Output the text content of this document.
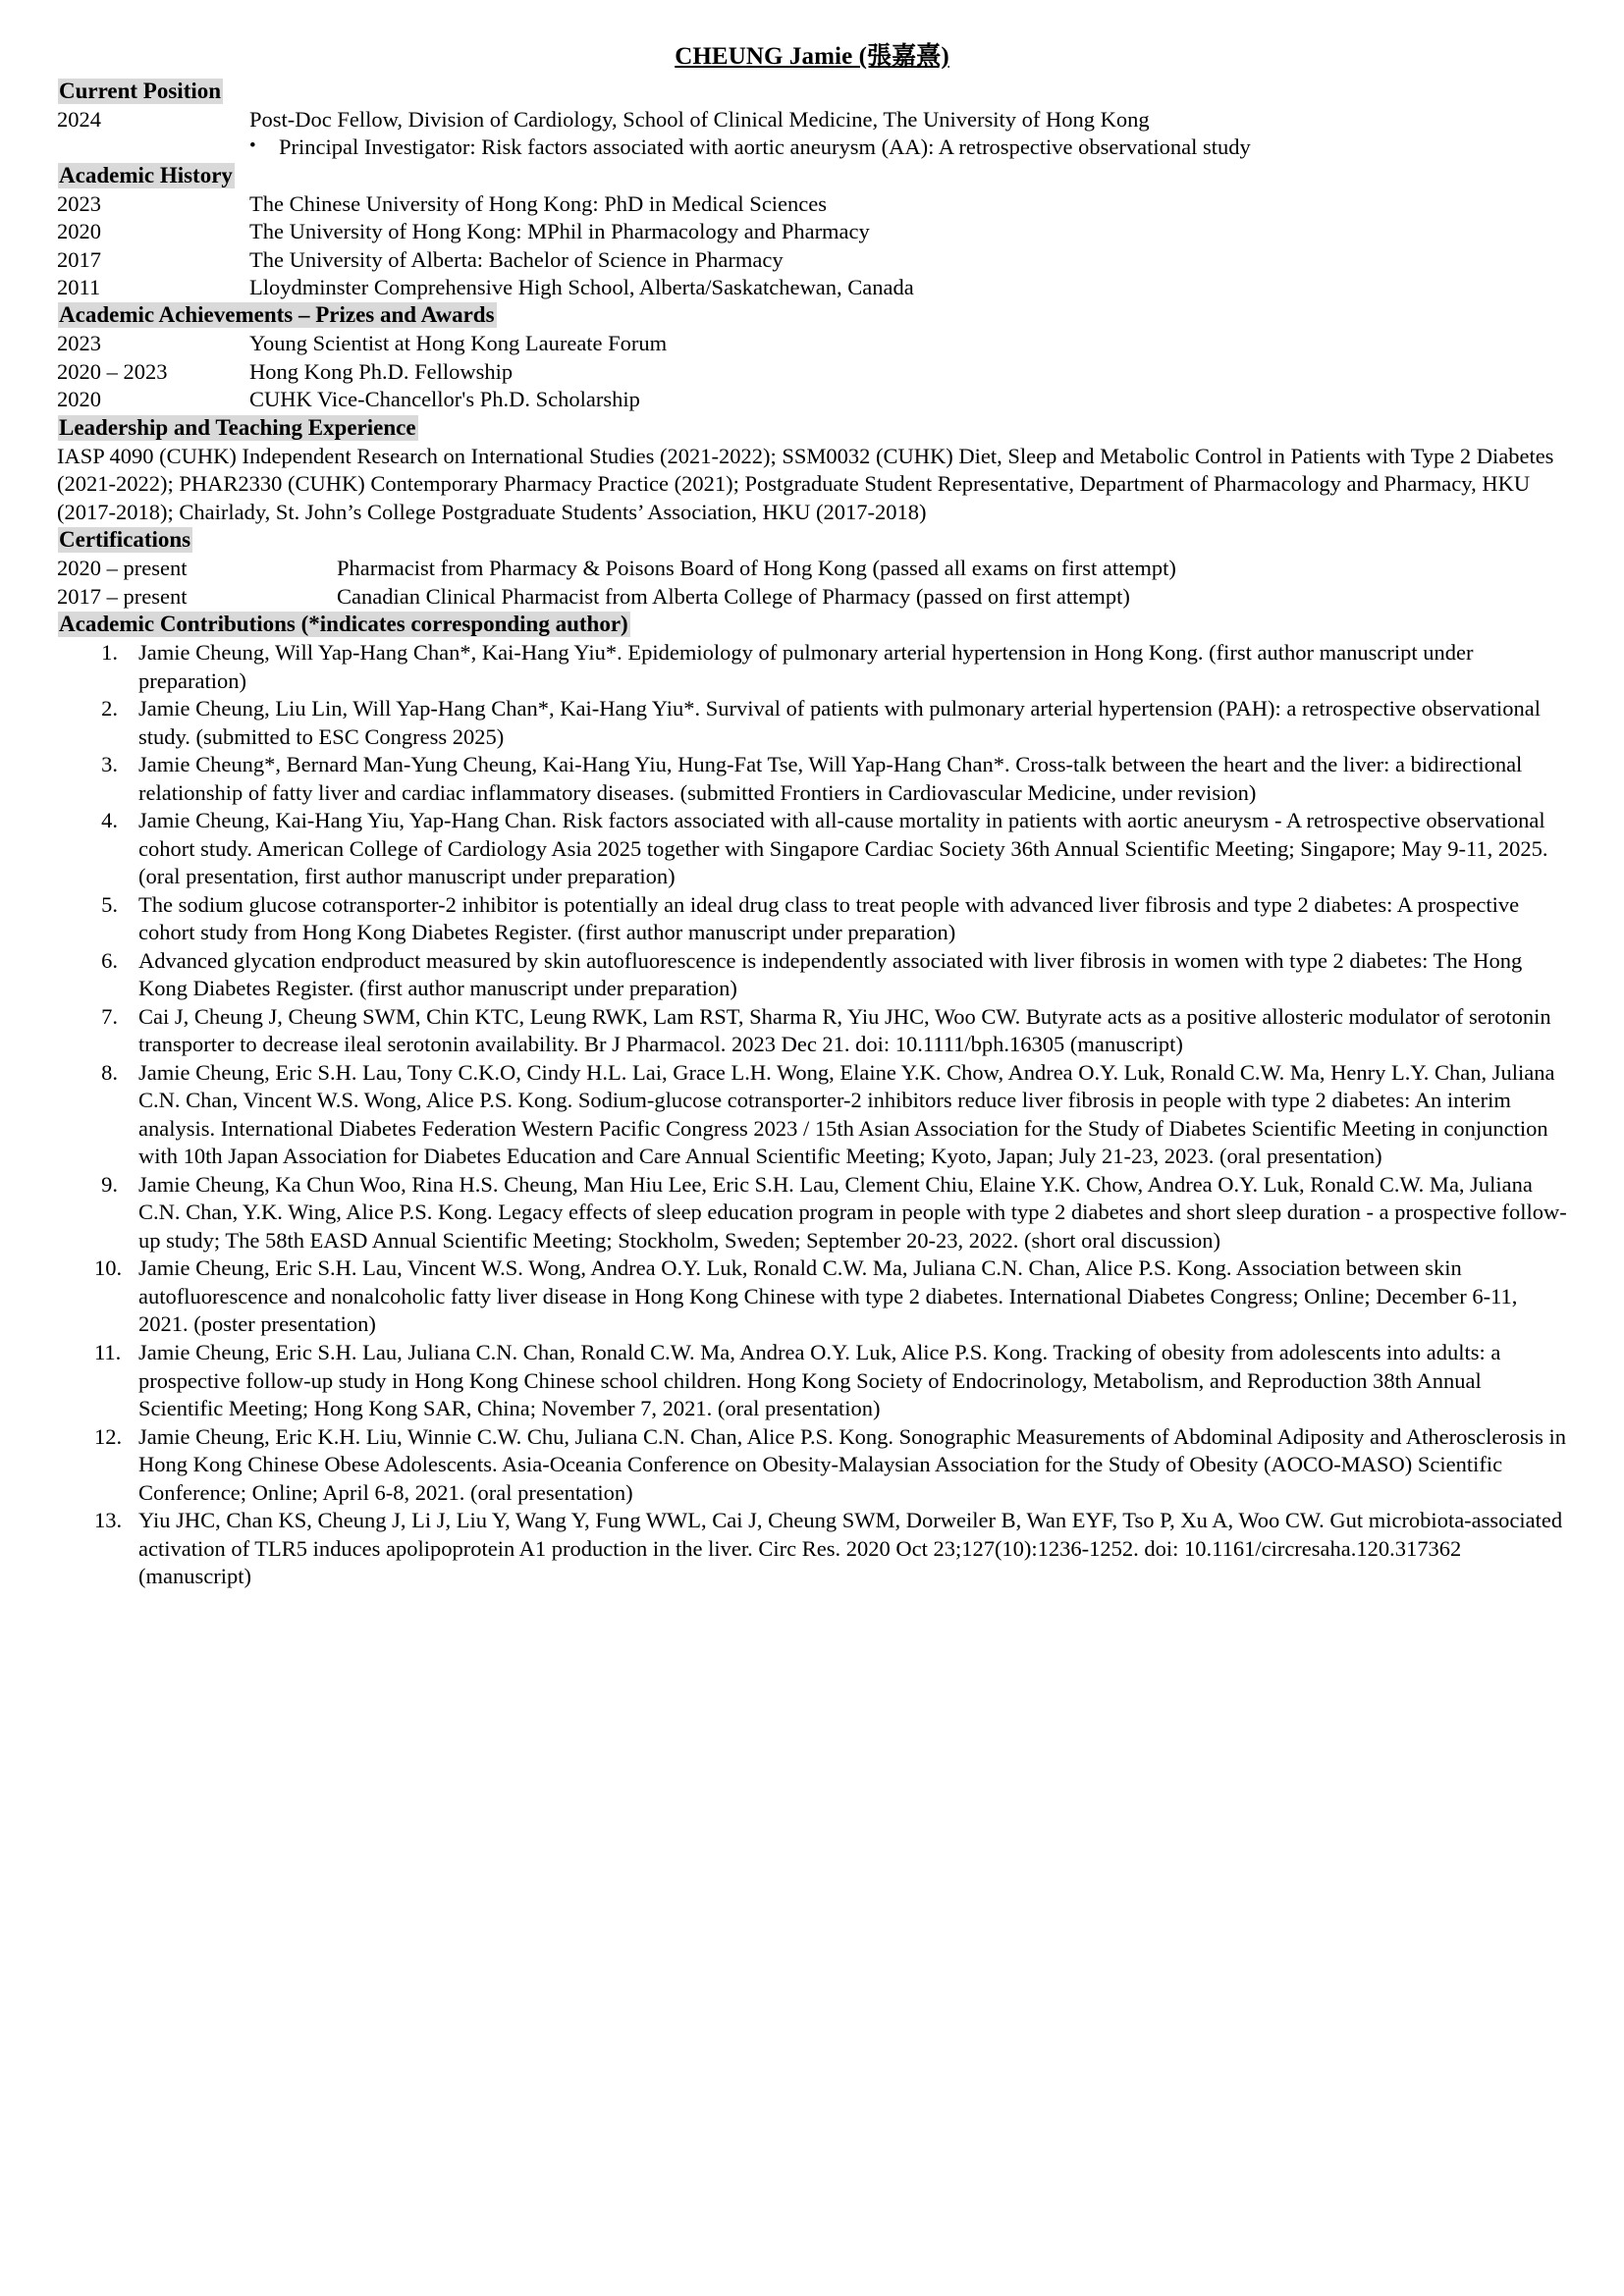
CHEUNG Jamie (張嘉熹)
Current Position
2024	Post-Doc Fellow, Division of Cardiology, School of Clinical Medicine, The University of Hong Kong
•	Principal Investigator: Risk factors associated with aortic aneurysm (AA): A retrospective observational study
Academic History
2023	The Chinese University of Hong Kong: PhD in Medical Sciences
2020	The University of Hong Kong: MPhil in Pharmacology and Pharmacy
2017	The University of Alberta: Bachelor of Science in Pharmacy
2011	Lloydminster Comprehensive High School, Alberta/Saskatchewan, Canada
Academic Achievements – Prizes and Awards
2023	Young Scientist at Hong Kong Laureate Forum
2020 – 2023	Hong Kong Ph.D. Fellowship
2020	CUHK Vice-Chancellor's Ph.D. Scholarship
Leadership and Teaching Experience

IASP 4090 (CUHK) Independent Research on International Studies (2021-2022); SSM0032 (CUHK) Diet, Sleep and Metabolic Control in Patients with Type 2 Diabetes (2021-2022); PHAR2330 (CUHK) Contemporary Pharmacy Practice (2021); Postgraduate Student Representative, Department of Pharmacology and Pharmacy, HKU (2017-2018); Chairlady, St. John’s College Postgraduate Students’ Association, HKU (2017-2018)

Certifications
2020 – present	Pharmacist from Pharmacy & Poisons Board of Hong Kong (passed all exams on first attempt)
2017 – present	Canadian Clinical Pharmacist from Alberta College of Pharmacy (passed on first attempt)
Academic Contributions (*indicates corresponding author)
1. Jamie Cheung, Will Yap-Hang Chan*, Kai-Hang Yiu*. Epidemiology of pulmonary arterial hypertension in Hong Kong. (first author manuscript under preparation)
2. Jamie Cheung, Liu Lin, Will Yap-Hang Chan*, Kai-Hang Yiu*. Survival of patients with pulmonary arterial hypertension (PAH): a retrospective observational study. (submitted to ESC Congress 2025)
3. Jamie Cheung*, Bernard Man-Yung Cheung, Kai-Hang Yiu, Hung-Fat Tse, Will Yap-Hang Chan*. Cross-talk between the heart and the liver: a bidirectional relationship of fatty liver and cardiac inflammatory diseases. (submitted Frontiers in Cardiovascular Medicine, under revision)
4. Jamie Cheung, Kai-Hang Yiu, Yap-Hang Chan. Risk factors associated with all-cause mortality in patients with aortic aneurysm - A retrospective observational cohort study. American College of Cardiology Asia 2025 together with Singapore Cardiac Society 36th Annual Scientific Meeting; Singapore; May 9-11, 2025. (oral presentation, first author manuscript under preparation)
5. The sodium glucose cotransporter-2 inhibitor is potentially an ideal drug class to treat people with advanced liver fibrosis and type 2 diabetes: A prospective cohort study from Hong Kong Diabetes Register. (first author manuscript under preparation)
6. Advanced glycation endproduct measured by skin autofluorescence is independently associated with liver fibrosis in women with type 2 diabetes: The Hong Kong Diabetes Register. (first author manuscript under preparation)
7. Cai J, Cheung J, Cheung SWM, Chin KTC, Leung RWK, Lam RST, Sharma R, Yiu JHC, Woo CW. Butyrate acts as a positive allosteric modulator of serotonin transporter to decrease ileal serotonin availability. Br J Pharmacol. 2023 Dec 21. doi: 10.1111/bph.16305 (manuscript)
8. Jamie Cheung, Eric S.H. Lau, Tony C.K.O, Cindy H.L. Lai, Grace L.H. Wong, Elaine Y.K. Chow, Andrea O.Y. Luk, Ronald C.W. Ma, Henry L.Y. Chan, Juliana C.N. Chan, Vincent W.S. Wong, Alice P.S. Kong. Sodium-glucose cotransporter-2 inhibitors reduce liver fibrosis in people with type 2 diabetes: An interim analysis. International Diabetes Federation Western Pacific Congress 2023 / 15th Asian Association for the Study of Diabetes Scientific Meeting in conjunction with 10th Japan Association for Diabetes Education and Care Annual Scientific Meeting; Kyoto, Japan; July 21-23, 2023. (oral presentation)
9. Jamie Cheung, Ka Chun Woo, Rina H.S. Cheung, Man Hiu Lee, Eric S.H. Lau, Clement Chiu, Elaine Y.K. Chow, Andrea O.Y. Luk, Ronald C.W. Ma, Juliana C.N. Chan, Y.K. Wing, Alice P.S. Kong. Legacy effects of sleep education program in people with type 2 diabetes and short sleep duration - a prospective follow-up study; The 58th EASD Annual Scientific Meeting; Stockholm, Sweden; September 20-23, 2022. (short oral discussion)
10. Jamie Cheung, Eric S.H. Lau, Vincent W.S. Wong, Andrea O.Y. Luk, Ronald C.W. Ma, Juliana C.N. Chan, Alice P.S. Kong. Association between skin autofluorescence and nonalcoholic fatty liver disease in Hong Kong Chinese with type 2 diabetes. International Diabetes Congress; Online; December 6-11, 2021. (poster presentation)
11. Jamie Cheung, Eric S.H. Lau, Juliana C.N. Chan, Ronald C.W. Ma, Andrea O.Y. Luk, Alice P.S. Kong. Tracking of obesity from adolescents into adults: a prospective follow-up study in Hong Kong Chinese school children. Hong Kong Society of Endocrinology, Metabolism, and Reproduction 38th Annual Scientific Meeting; Hong Kong SAR, China; November 7, 2021. (oral presentation)
12. Jamie Cheung, Eric K.H. Liu, Winnie C.W. Chu, Juliana C.N. Chan, Alice P.S. Kong. Sonographic Measurements of Abdominal Adiposity and Atherosclerosis in Hong Kong Chinese Obese Adolescents. Asia-Oceania Conference on Obesity-Malaysian Association for the Study of Obesity (AOCO-MASO) Scientific Conference; Online; April 6-8, 2021. (oral presentation)
13. Yiu JHC, Chan KS, Cheung J, Li J, Liu Y, Wang Y, Fung WWL, Cai J, Cheung SWM, Dorweiler B, Wan EYF, Tso P, Xu A, Woo CW. Gut microbiota-associated activation of TLR5 induces apolipoprotein A1 production in the liver. Circ Res. 2020 Oct 23;127(10):1236-1252. doi: 10.1161/circresaha.120.317362 (manuscript)
